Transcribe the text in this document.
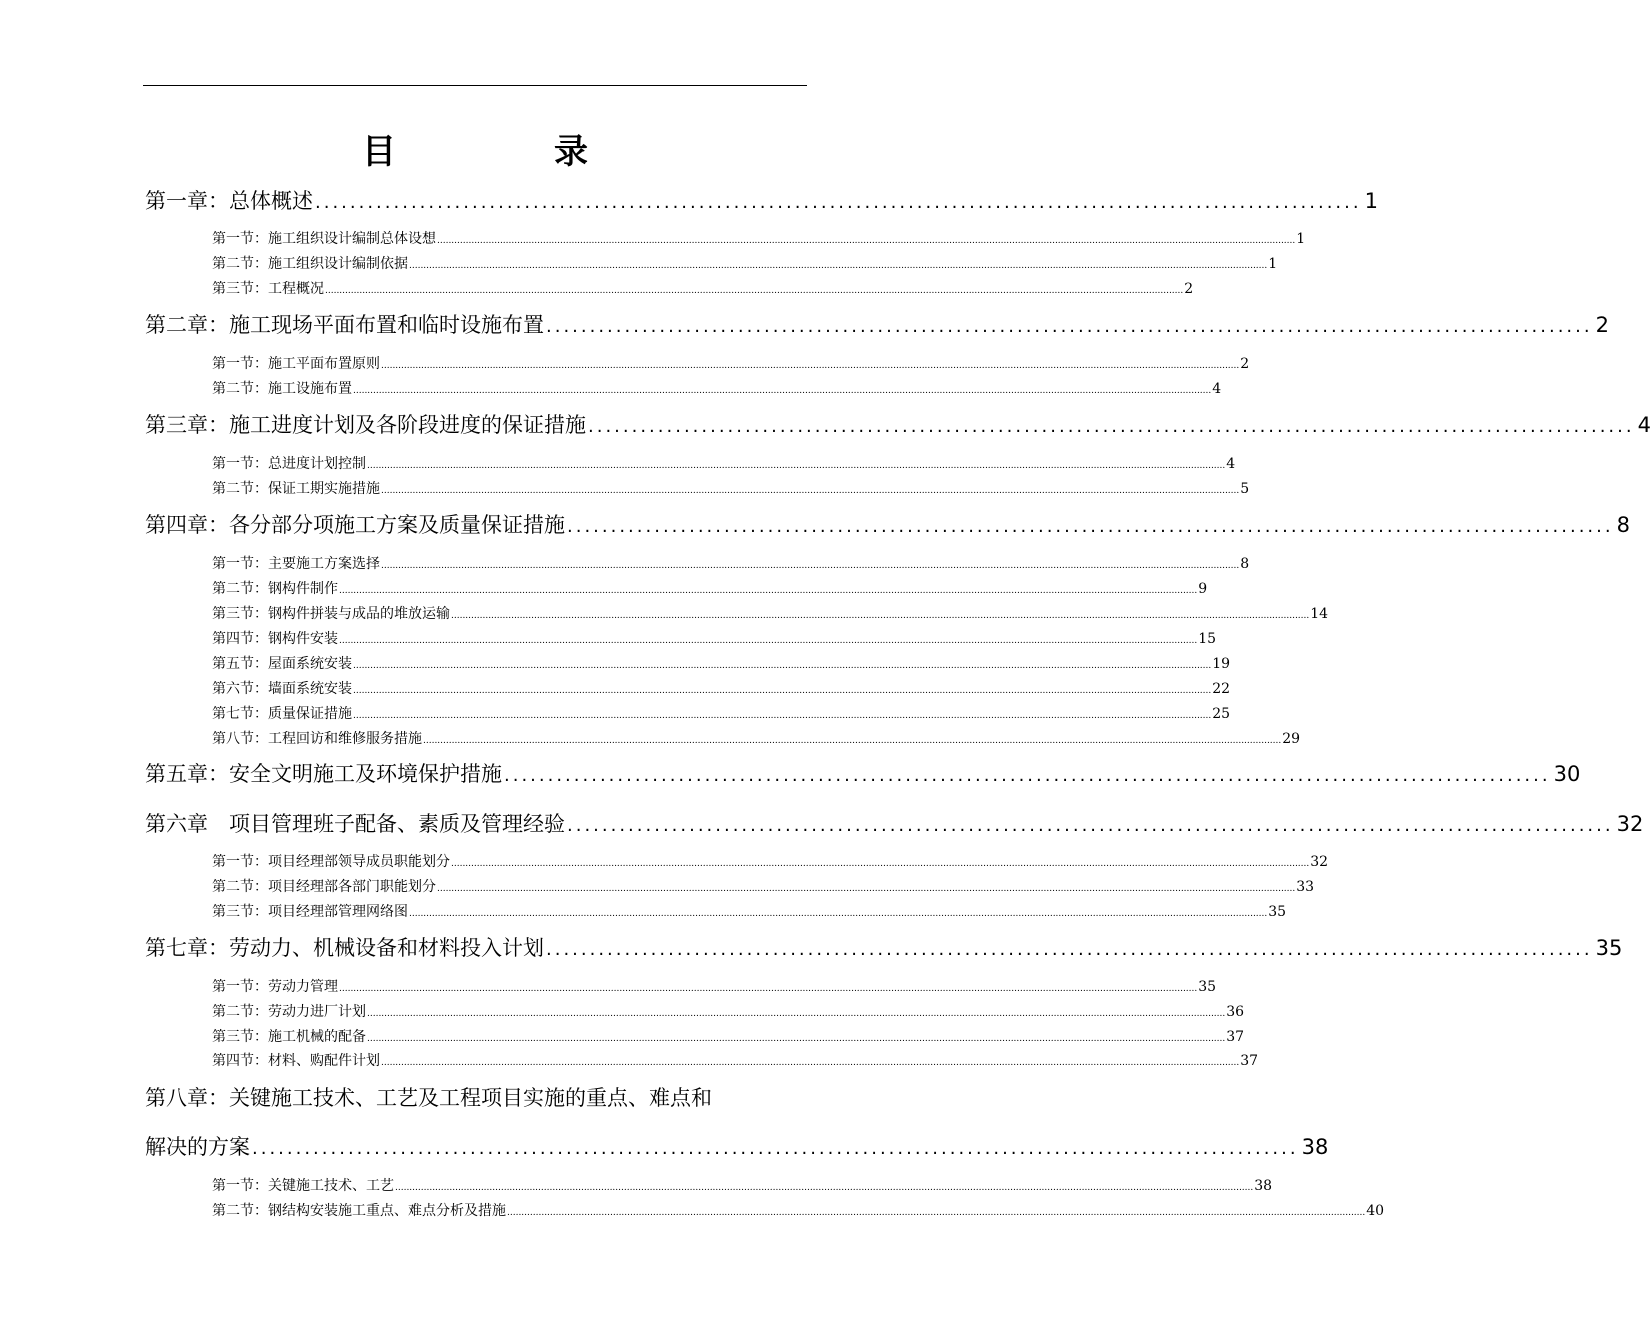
目　录
第一章：总体概述 ........................................................................................................................ 1
第一节：施工组织设计编制总体设想 ............................................................................................................................................................................................................................................................................................................ 1
第二节：施工组织设计编制依据 ............................................................................................................................................................................................................................................................................................................ 1
第三节：工程概况 ............................................................................................................................................................................................................................................................................................................ 2
第二章：施工现场平面布置和临时设施布置 ........................................................................................................................ 2
第一节：施工平面布置原则 ............................................................................................................................................................................................................................................................................................................ 2
第二节：施工设施布置 ............................................................................................................................................................................................................................................................................................................ 4
第三章：施工进度计划及各阶段进度的保证措施 ........................................................................................................................ 4
第一节：总进度计划控制 ............................................................................................................................................................................................................................................................................................................ 4
第二节：保证工期实施措施 ............................................................................................................................................................................................................................................................................................................ 5
第四章：各分部分项施工方案及质量保证措施 ........................................................................................................................ 8
第一节：主要施工方案选择 ............................................................................................................................................................................................................................................................................................................ 8
第二节：钢构件制作 ............................................................................................................................................................................................................................................................................................................ 9
第三节：钢构件拼装与成品的堆放运输 ............................................................................................................................................................................................................................................................................................................ 14
第四节：钢构件安装 ............................................................................................................................................................................................................................................................................................................ 15
第五节：屋面系统安装 ............................................................................................................................................................................................................................................................................................................ 19
第六节：墙面系统安装 ............................................................................................................................................................................................................................................................................................................ 22
第七节：质量保证措施 ............................................................................................................................................................................................................................................................................................................ 25
第八节：工程回访和维修服务措施 ............................................................................................................................................................................................................................................................................................................ 29
第五章：安全文明施工及环境保护措施 ........................................................................................................................ 30
第六章　项目管理班子配备、素质及管理经验 ........................................................................................................................ 32
第一节：项目经理部领导成员职能划分 ............................................................................................................................................................................................................................................................................................................ 32
第二节：项目经理部各部门职能划分 ............................................................................................................................................................................................................................................................................................................ 33
第三节：项目经理部管理网络图 ............................................................................................................................................................................................................................................................................................................ 35
第七章：劳动力、机械设备和材料投入计划 ........................................................................................................................ 35
第一节：劳动力管理 ............................................................................................................................................................................................................................................................................................................ 35
第二节：劳动力进厂计划 ............................................................................................................................................................................................................................................................................................................ 36
第三节：施工机械的配备 ............................................................................................................................................................................................................................................................................................................ 37
第四节：材料、购配件计划 ............................................................................................................................................................................................................................................................................................................ 37
第八章：关键施工技术、工艺及工程项目实施的重点、难点和
解决的方案 ........................................................................................................................ 38
第一节：关键施工技术、工艺 ............................................................................................................................................................................................................................................................................................................ 38
第二节：钢结构安装施工重点、难点分析及措施 ............................................................................................................................................................................................................................................................................................................ 40
